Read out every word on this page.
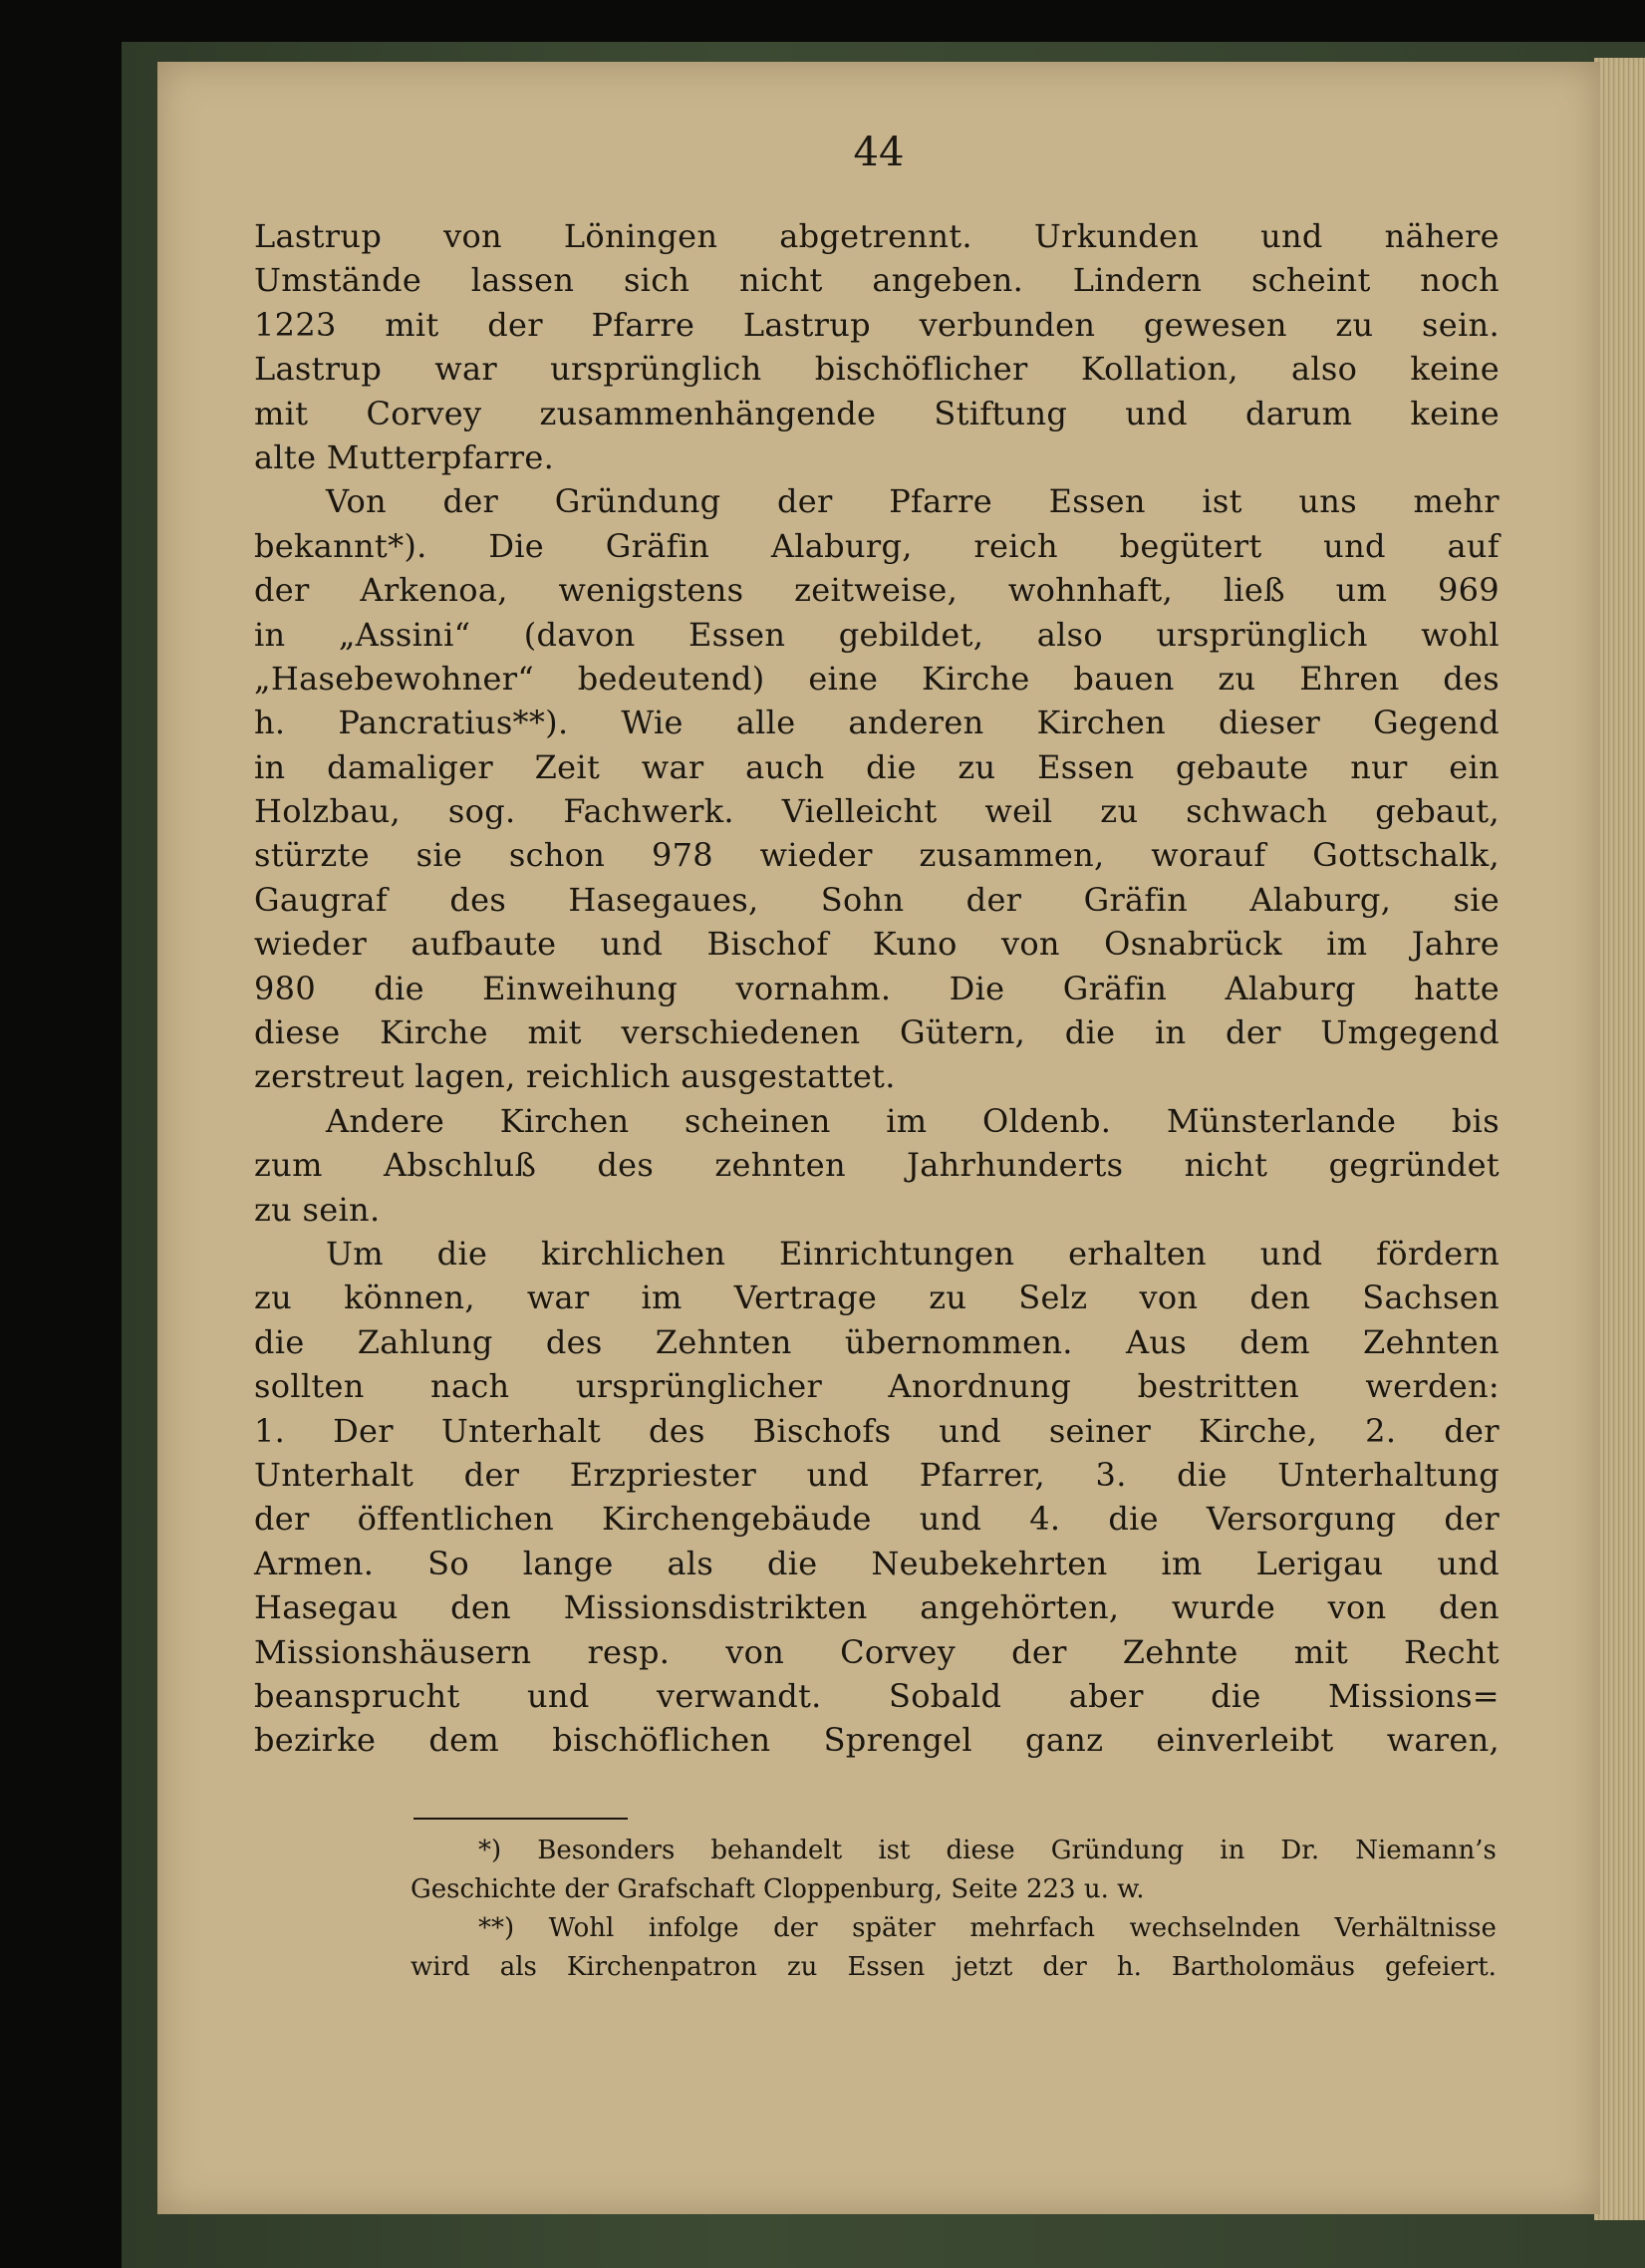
44
Lastrup von Löningen abgetrennt. Urkunden und nähere
Umstände lassen sich nicht angeben. Lindern scheint noch
1223 mit der Pfarre Lastrup verbunden gewesen zu sein.
Lastrup war ursprünglich bischöflicher Kollation, also keine
mit Corvey zusammenhängende Stiftung und darum keine
alte Mutterpfarre.
Von der Gründung der Pfarre Essen ist uns mehr
bekannt*). Die Gräfin Alaburg, reich begütert und auf
der Arkenoa, wenigstens zeitweise, wohnhaft, ließ um 969
in „Assini“ (davon Essen gebildet, also ursprünglich wohl
„Hasebewohner“ bedeutend) eine Kirche bauen zu Ehren des
h. Pancratius**). Wie alle anderen Kirchen dieser Gegend
in damaliger Zeit war auch die zu Essen gebaute nur ein
Holzbau, sog. Fachwerk. Vielleicht weil zu schwach gebaut,
stürzte sie schon 978 wieder zusammen, worauf Gottschalk,
Gaugraf des Hasegaues, Sohn der Gräfin Alaburg, sie
wieder aufbaute und Bischof Kuno von Osnabrück im Jahre
980 die Einweihung vornahm. Die Gräfin Alaburg hatte
diese Kirche mit verschiedenen Gütern, die in der Umgegend
zerstreut lagen, reichlich ausgestattet.
Andere Kirchen scheinen im Oldenb. Münsterlande bis
zum Abschluß des zehnten Jahrhunderts nicht gegründet
zu sein.
Um die kirchlichen Einrichtungen erhalten und fördern
zu können, war im Vertrage zu Selz von den Sachsen
die Zahlung des Zehnten übernommen. Aus dem Zehnten
sollten nach ursprünglicher Anordnung bestritten werden:
1. Der Unterhalt des Bischofs und seiner Kirche, 2. der
Unterhalt der Erzpriester und Pfarrer, 3. die Unterhaltung
der öffentlichen Kirchengebäude und 4. die Versorgung der
Armen. So lange als die Neubekehrten im Lerigau und
Hasegau den Missionsdistrikten angehörten, wurde von den
Missionshäusern resp. von Corvey der Zehnte mit Recht
beansprucht und verwandt. Sobald aber die Missions=
bezirke dem bischöflichen Sprengel ganz einverleibt waren,
*) Besonders behandelt ist diese Gründung in Dr. Niemann’s
Geschichte der Grafschaft Cloppenburg, Seite 223 u. w.
**) Wohl infolge der später mehrfach wechselnden Verhältnisse
wird als Kirchenpatron zu Essen jetzt der h. Bartholomäus gefeiert.
